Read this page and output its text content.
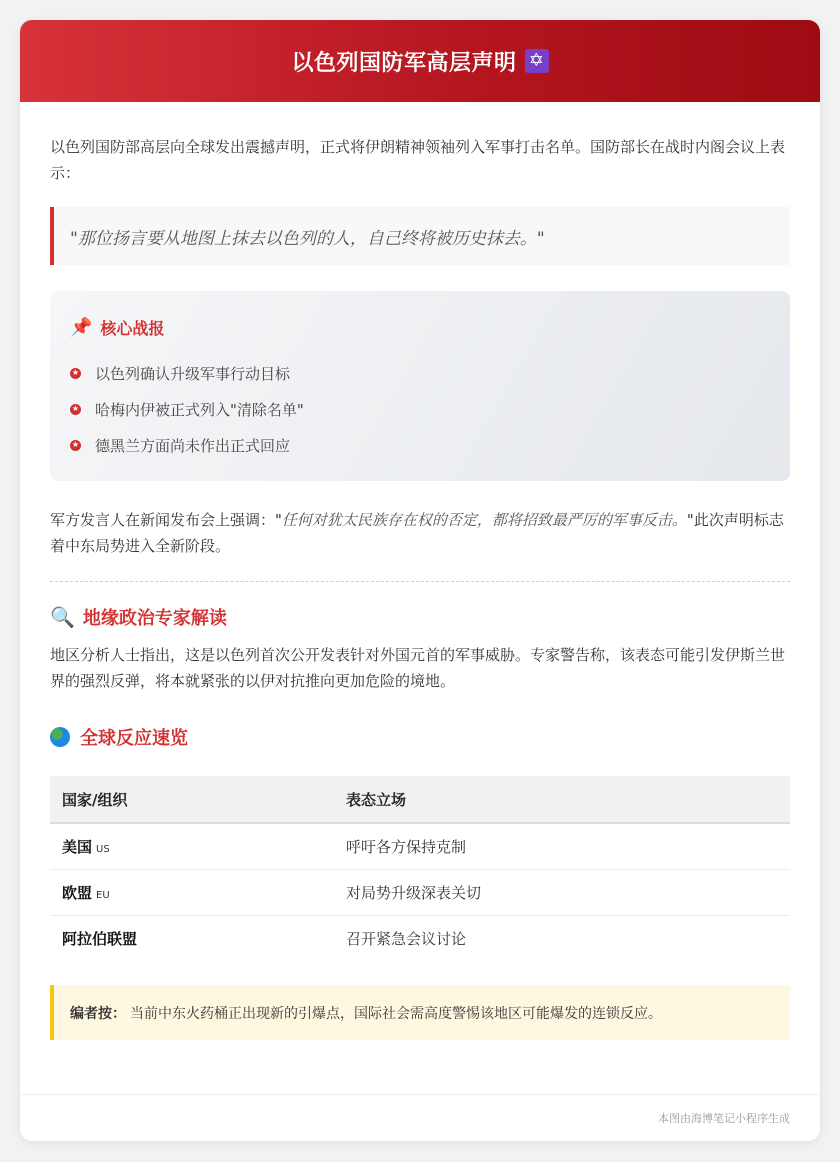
以色列国防军高层声明 ✡

以色列国防部高层向全球发出震撼声明，正式将伊朗精神领袖列入军事打击名单。国防部长在战时内阁会议上表示：

"那位扬言要从地图上抹去以色列的人，自己终将被历史抹去。"
📌 核心战报
★ 以色列确认升级军事行动目标
★ 哈梅内伊被正式列入"清除名单"
★ 德黑兰方面尚未作出正式回应

军方发言人在新闻发布会上强调："任何对犹太民族存在权的否定，都将招致最严厉的军事反击。"此次声明标志着中东局势进入全新阶段。

🔍 地缘政治专家解读

地区分析人士指出，这是以色列首次公开发表针对外国元首的军事威胁。专家警告称，该表态可能引发伊斯兰世界的强烈反弹，将本就紧张的以伊对抗推向更加危险的境地。

全球反应速览
国家/组织	表态立场
美国 US	呼吁各方保持克制
欧盟 EU	对局势升级深表关切
阿拉伯联盟	召开紧急会议讨论
编者按： 当前中东火药桶正出现新的引爆点，国际社会需高度警惕该地区可能爆发的连锁反应。
本图由海博笔记小程序生成
